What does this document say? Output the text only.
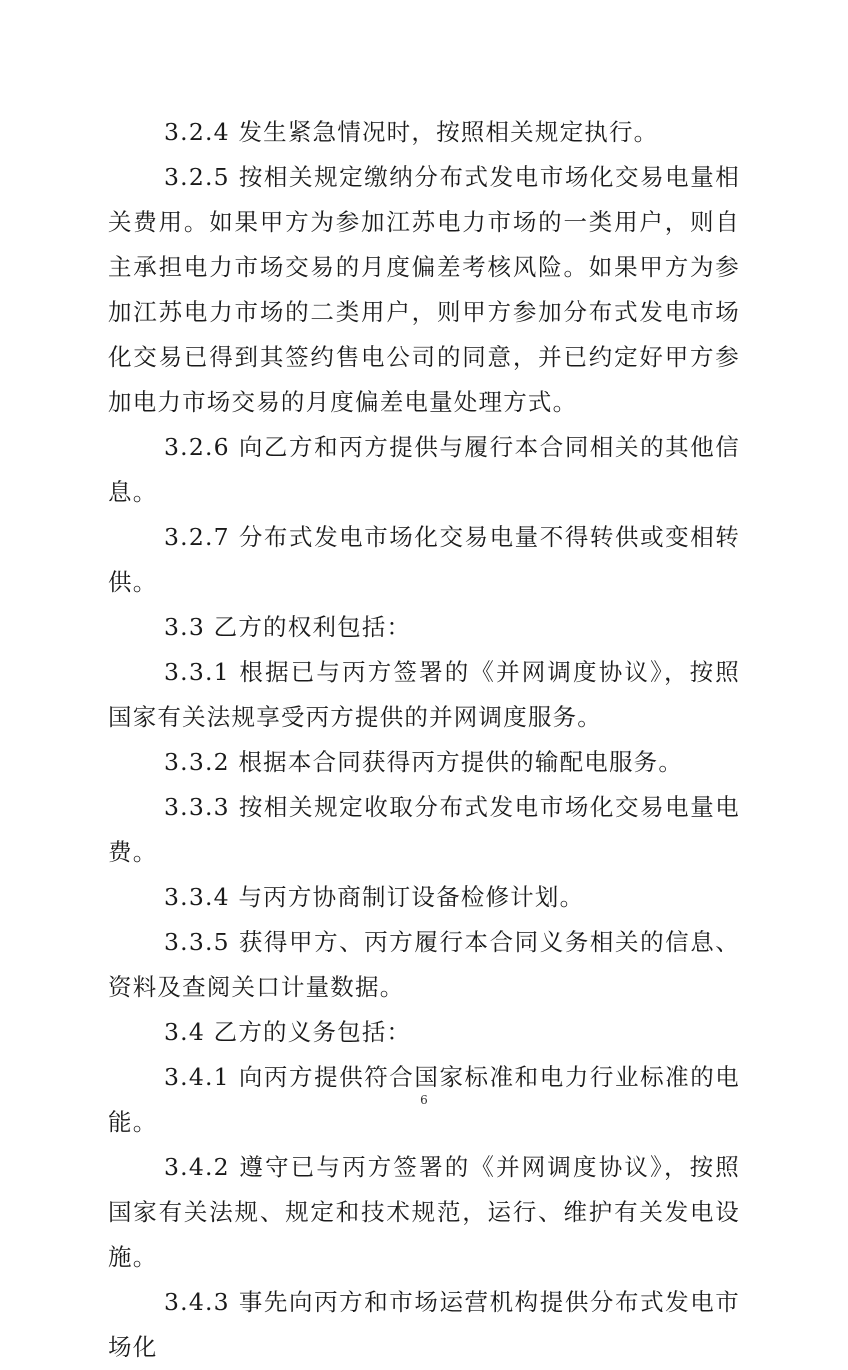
3.2.4 发生紧急情况时，按照相关规定执行。

3.2.5 按相关规定缴纳分布式发电市场化交易电量相关费用。如果甲方为参加江苏电力市场的一类用户，则自主承担电力市场交易的月度偏差考核风险。如果甲方为参加江苏电力市场的二类用户，则甲方参加分布式发电市场化交易已得到其签约售电公司的同意，并已约定好甲方参加电力市场交易的月度偏差电量处理方式。

3.2.6 向乙方和丙方提供与履行本合同相关的其他信息。

3.2.7 分布式发电市场化交易电量不得转供或变相转供。

3.3 乙方的权利包括：

3.3.1 根据已与丙方签署的《并网调度协议》，按照国家有关法规享受丙方提供的并网调度服务。

3.3.2 根据本合同获得丙方提供的输配电服务。

3.3.3 按相关规定收取分布式发电市场化交易电量电费。

3.3.4 与丙方协商制订设备检修计划。

3.3.5 获得甲方、丙方履行本合同义务相关的信息、资料及查阅关口计量数据。

3.4 乙方的义务包括：

3.4.1 向丙方提供符合国家标准和电力行业标准的电能。

3.4.2 遵守已与丙方签署的《并网调度协议》，按照国家有关法规、规定和技术规范，运行、维护有关发电设施。

3.4.3 事先向丙方和市场运营机构提供分布式发电市场化

6
